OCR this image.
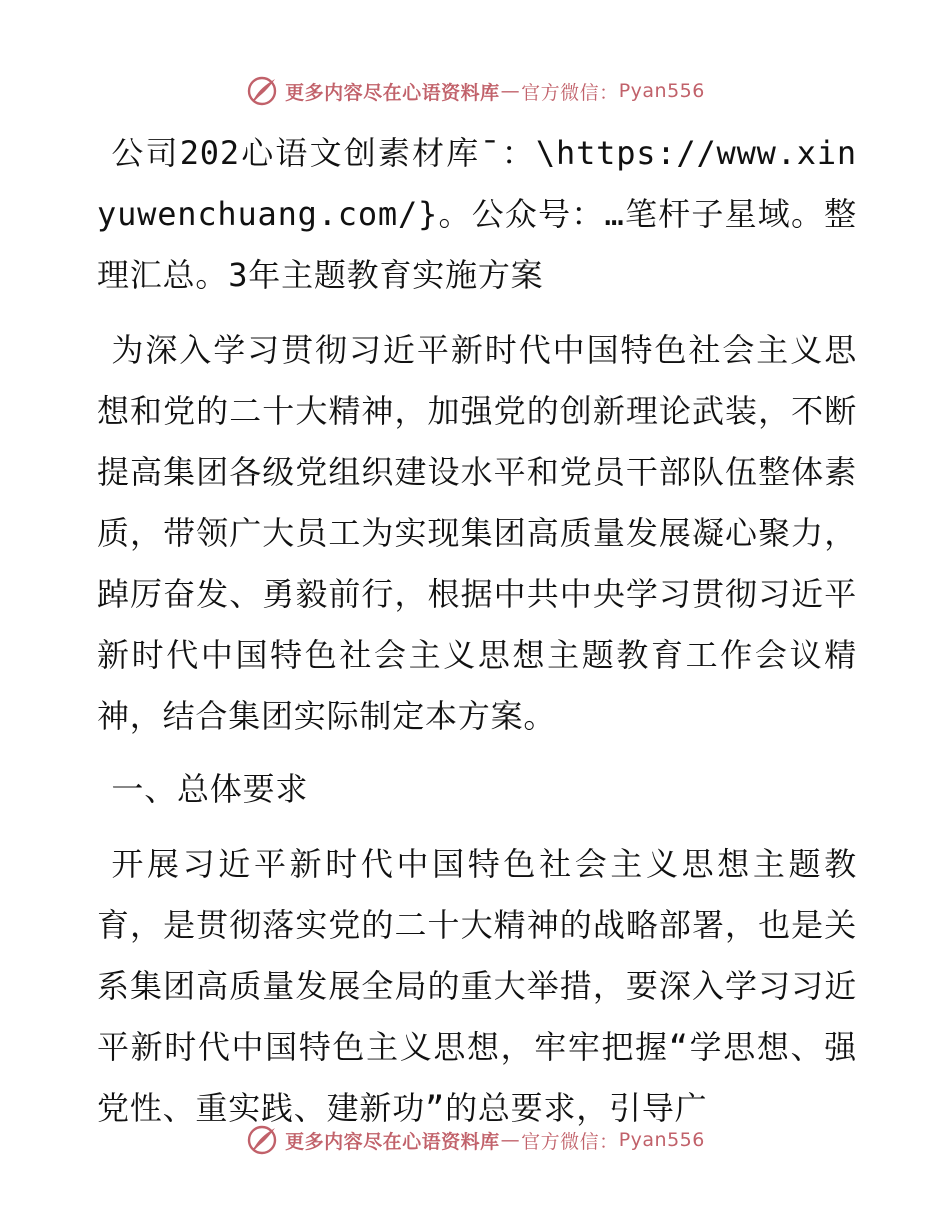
更多内容尽在心语资料库 — 官方微信： Pyan556

公司202心语文创素材库¯：\https://www.xinyuwenchuang.com/}。公众号：…笔杆子星域。整理汇总。3年主题教育实施方案

为深入学习贯彻习近平新时代中国特色社会主义思想和党的二十大精神，加强党的创新理论武装，不断提高集团各级党组织建设水平和党员干部队伍整体素质，带领广大员工为实现集团高质量发展凝心聚力，踔厉奋发、勇毅前行，根据中共中央学习贯彻习近平新时代中国特色社会主义思想主题教育工作会议精神，结合集团实际制定本方案。

一、总体要求

开展习近平新时代中国特色社会主义思想主题教育，是贯彻落实党的二十大精神的战略部署，也是关系集团高质量发展全局的重大举措，要深入学习习近平新时代中国特色主义思想，牢牢把握“学思想、强党性、重实践、建新功”的总要求，引导广

更多内容尽在心语资料库 — 官方微信： Pyan556
